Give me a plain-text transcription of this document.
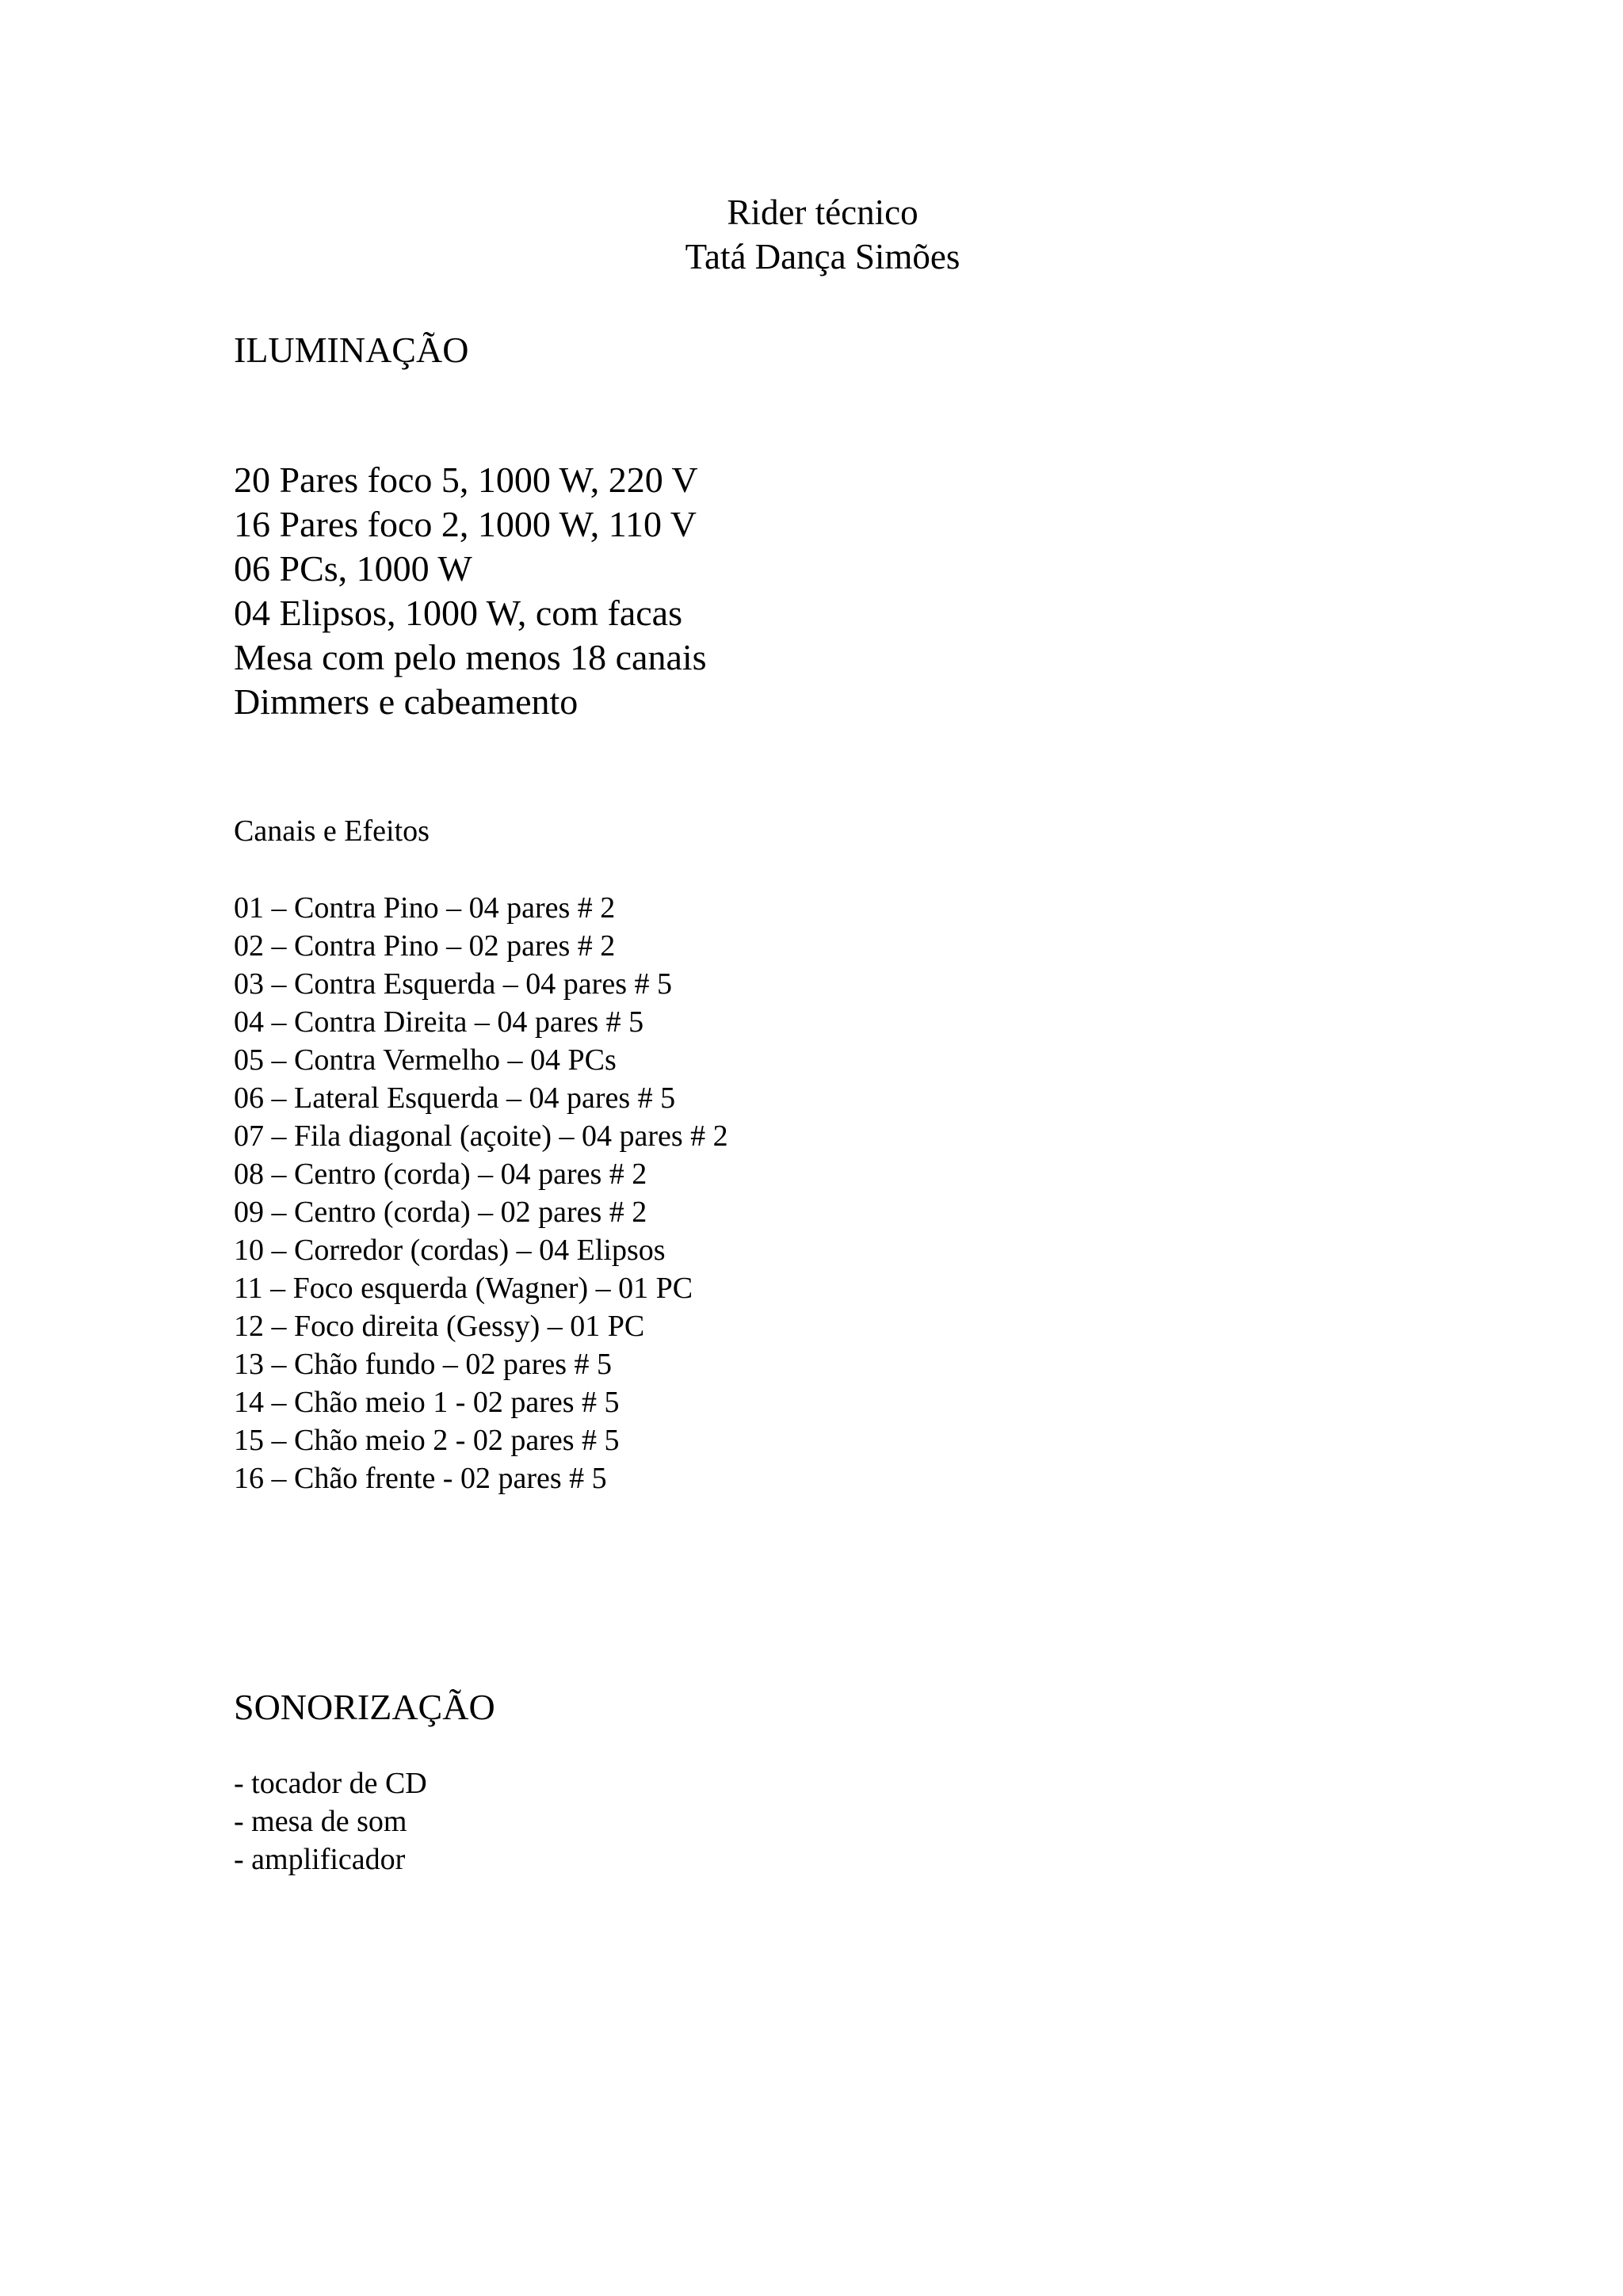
Rider técnico
Tatá Dança Simões
ILUMINAÇÃO
20 Pares foco 5, 1000 W, 220 V
16 Pares foco 2, 1000 W, 110 V
06 PCs, 1000 W
04 Elipsos, 1000 W, com facas
Mesa com pelo menos 18 canais
Dimmers e cabeamento
Canais e Efeitos
01 – Contra Pino – 04 pares # 2
02 – Contra Pino – 02 pares # 2
03 – Contra Esquerda – 04 pares # 5
04 – Contra Direita – 04 pares # 5
05 – Contra Vermelho – 04 PCs
06 – Lateral Esquerda – 04 pares # 5
07 – Fila diagonal (açoite) – 04 pares # 2
08 – Centro (corda) – 04 pares # 2
09 – Centro (corda) – 02 pares # 2
10 – Corredor (cordas) – 04 Elipsos
11 – Foco esquerda (Wagner) – 01 PC
12 – Foco direita (Gessy) – 01 PC
13 – Chão fundo – 02 pares # 5
14 – Chão meio 1 - 02 pares # 5
15 – Chão meio 2 - 02 pares # 5
16 – Chão frente - 02 pares # 5
SONORIZAÇÃO
- tocador de CD
- mesa de som
- amplificador
